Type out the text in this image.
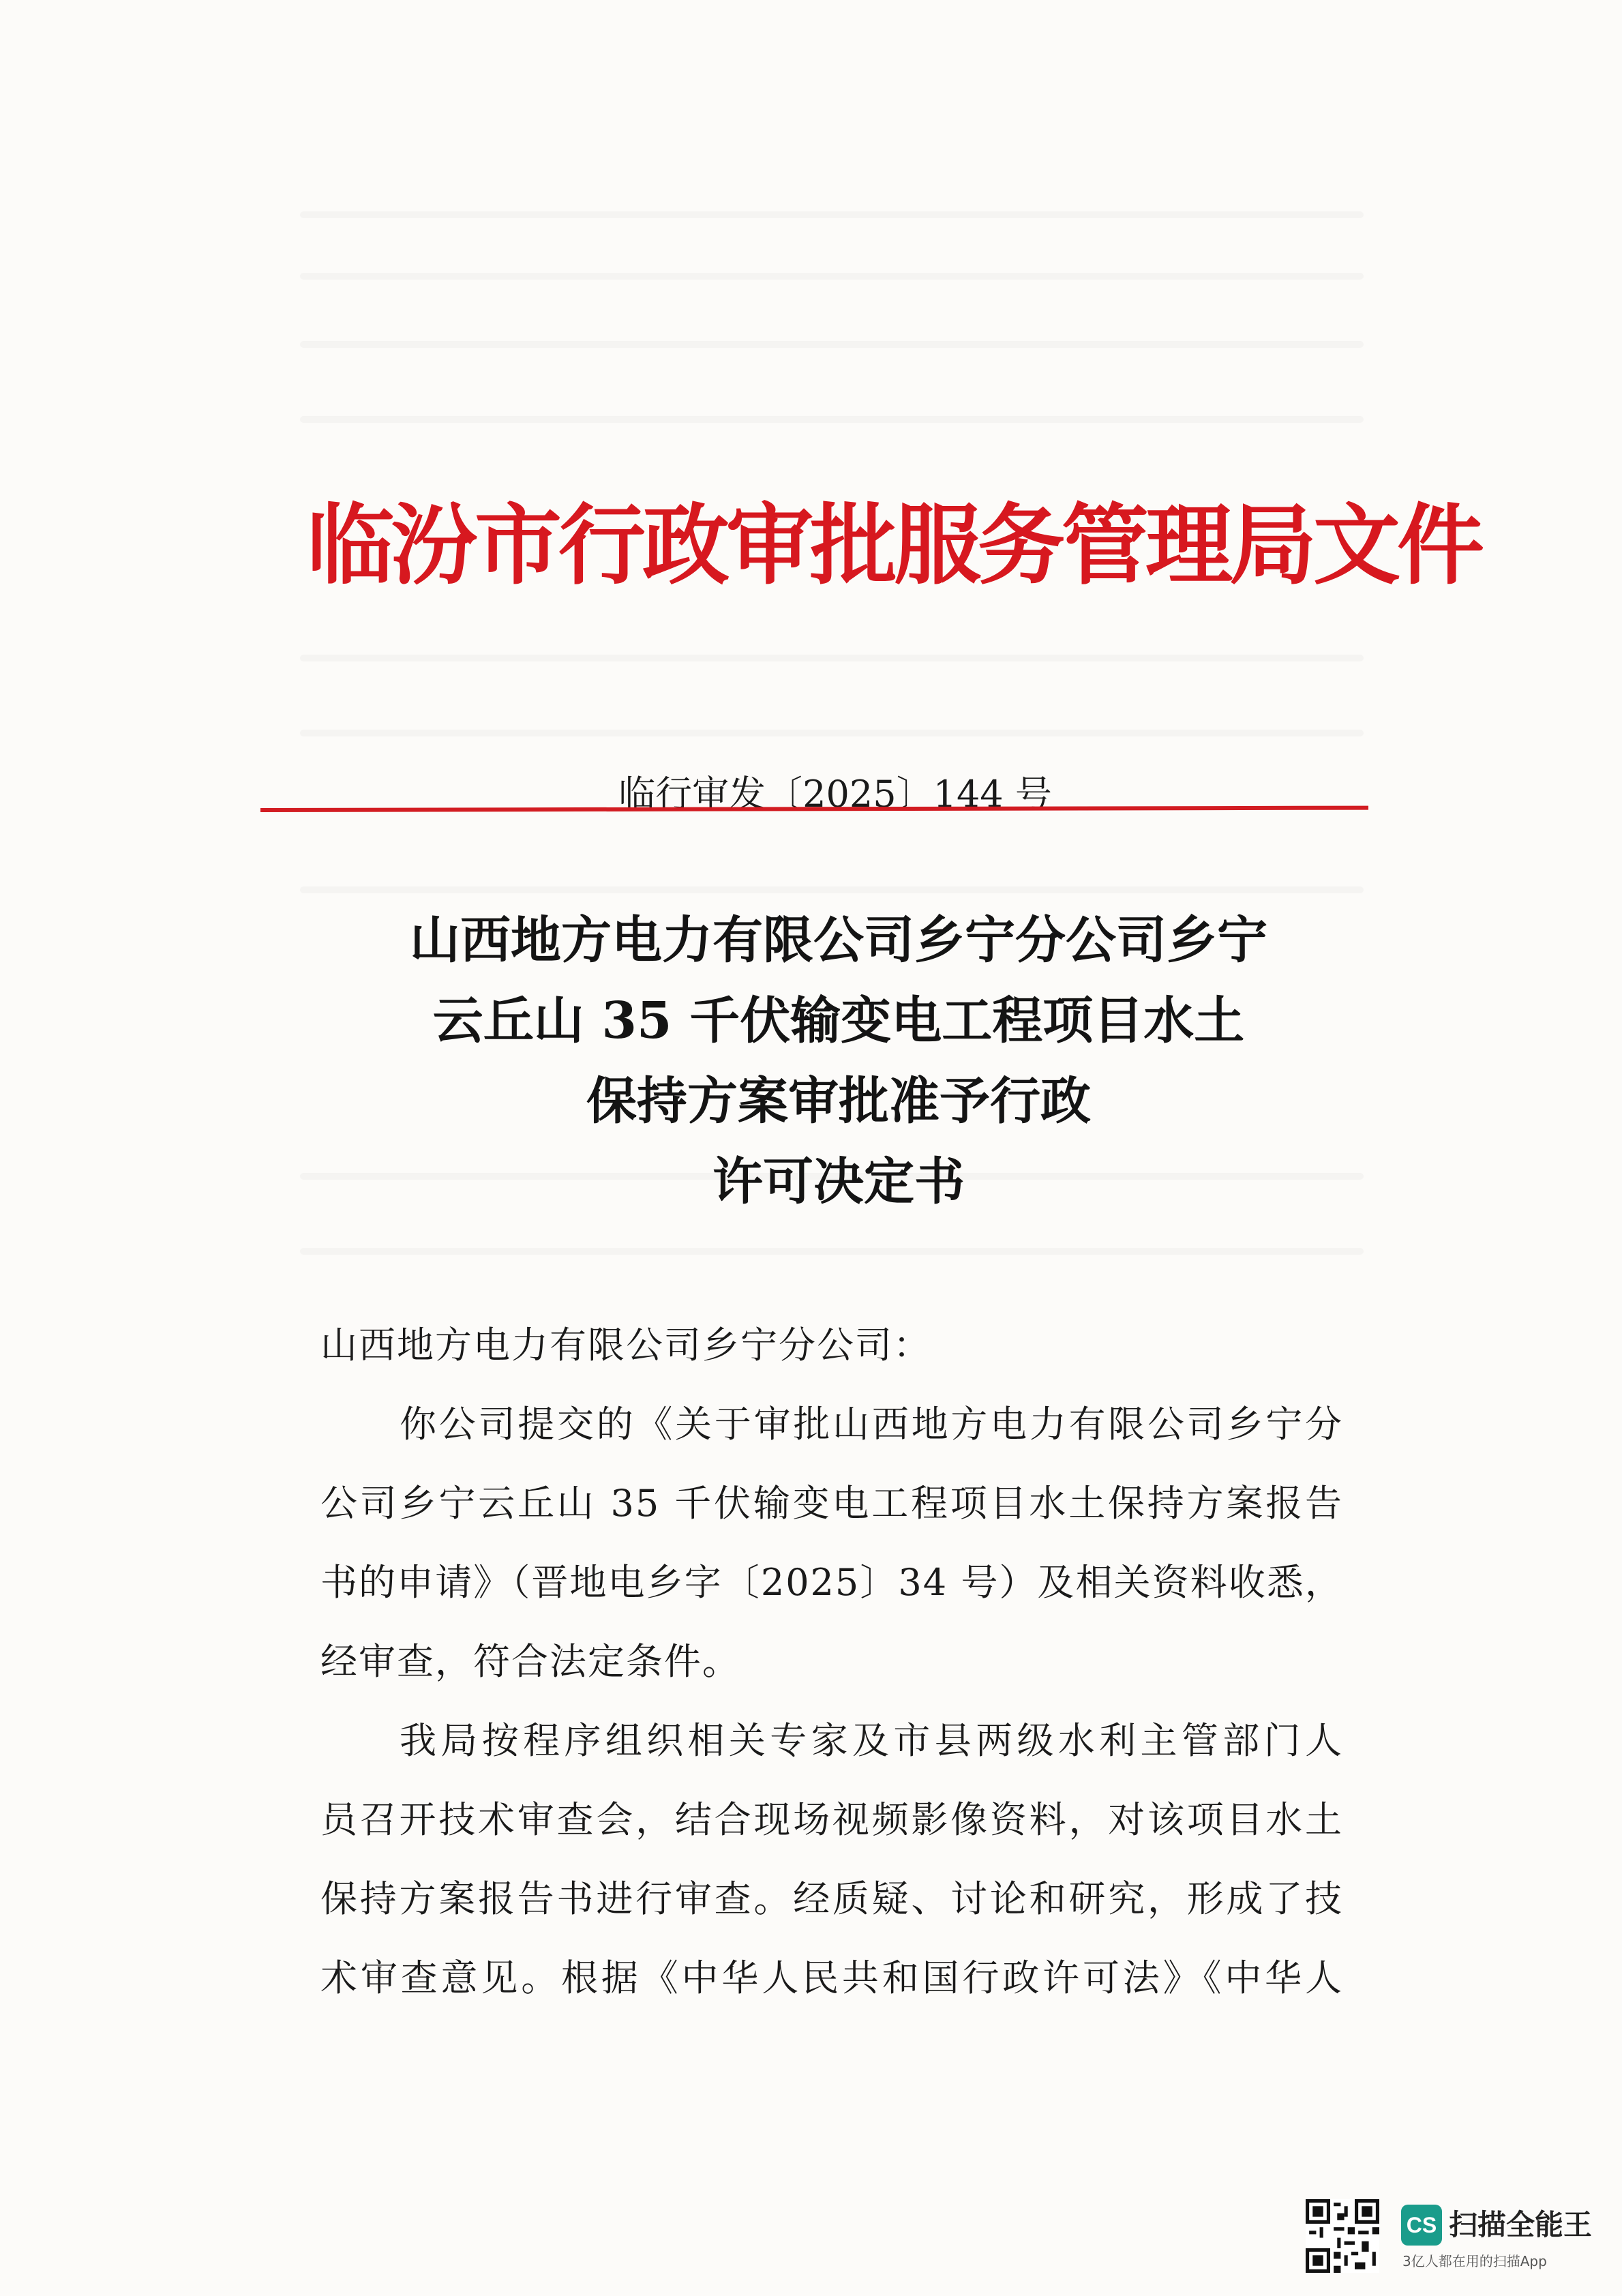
临汾市行政审批服务管理局文件
临行审发〔2025〕144 号
山西地方电力有限公司乡宁分公司乡宁
云丘山 35 千伏输变电工程项目水土
保持方案审批准予行政
许可决定书
山西地方电力有限公司乡宁分公司：
你公司提交的《关于审批山西地方电力有限公司乡宁分
公司乡宁云丘山 35 千伏输变电工程项目水土保持方案报告
书的申请》（晋地电乡字〔2025〕34 号）及相关资料收悉，
经审查，符合法定条件。
我局按程序组织相关专家及市县两级水利主管部门人
员召开技术审查会，结合现场视频影像资料，对该项目水土
保持方案报告书进行审查。经质疑、讨论和研究，形成了技
术审查意见。根据《中华人民共和国行政许可法》《中华人
CS 扫描全能王
3亿人都在用的扫描App
